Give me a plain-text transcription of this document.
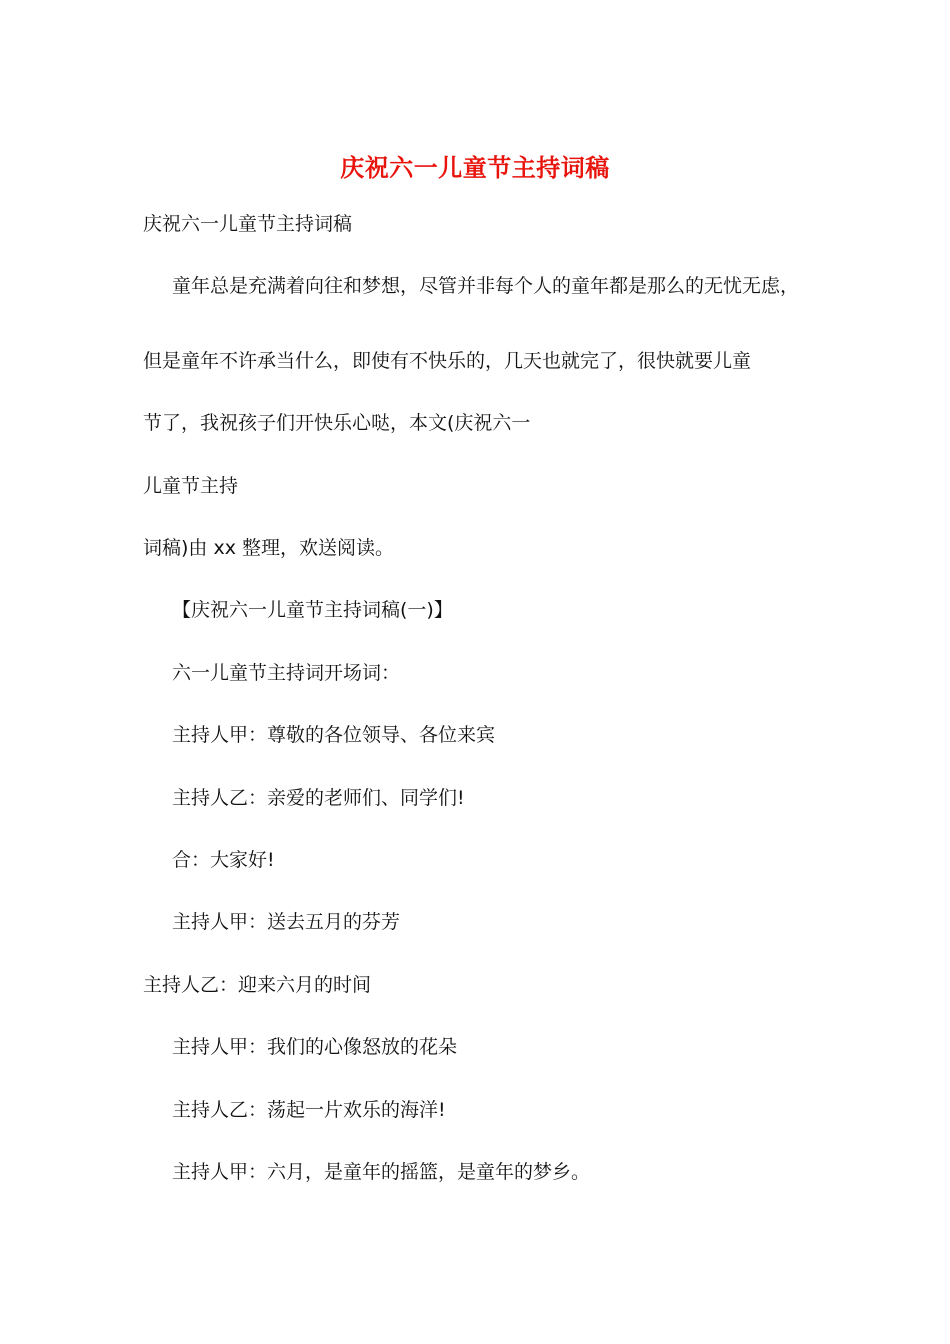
庆祝六一儿童节主持词稿
庆祝六一儿童节主持词稿
童年总是充满着向往和梦想，尽管并非每个人的童年都是那么的无忧无虑，
但是童年不许承当什么，即使有不快乐的，几天也就完了，很快就要儿童
节了，我祝孩子们开快乐心哒，本文(庆祝六一
儿童节主持
词稿)由 xx 整理，欢送阅读。
【庆祝六一儿童节主持词稿(一)】
六一儿童节主持词开场词：
主持人甲：尊敬的各位领导、各位来宾
主持人乙：亲爱的老师们、同学们!
合：大家好!
主持人甲：送去五月的芬芳
主持人乙：迎来六月的时间
主持人甲：我们的心像怒放的花朵
主持人乙：荡起一片欢乐的海洋!
主持人甲：六月，是童年的摇篮，是童年的梦乡。
